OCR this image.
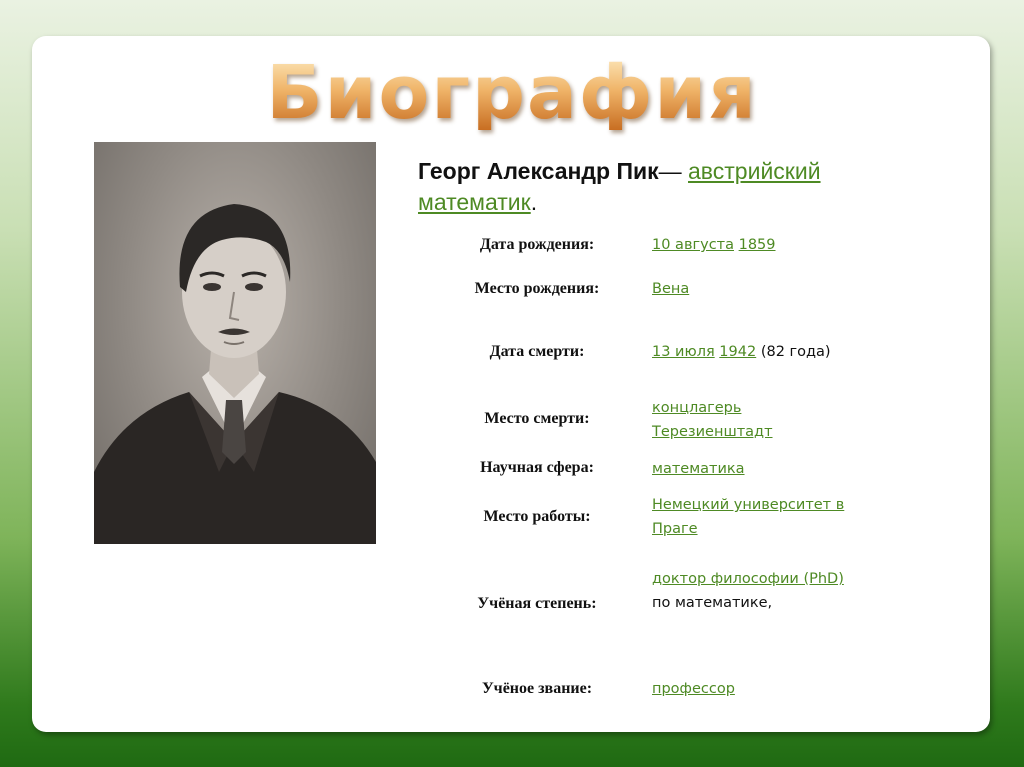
Биография
Георг Александр Пик— австрийский
математик.
Дата рождения:	10 августа 1859
Место рождения:	Вена
Дата смерти:	13 июля 1942 (82 года)
Место смерти:
концлагерь
Терезиенштадт
Научная сфера:	математика
Место работы:
Немецкий университет в
Праге
Учёная степень:
доктор философии (PhD)
по математике,
Учёное звание:	профессор
